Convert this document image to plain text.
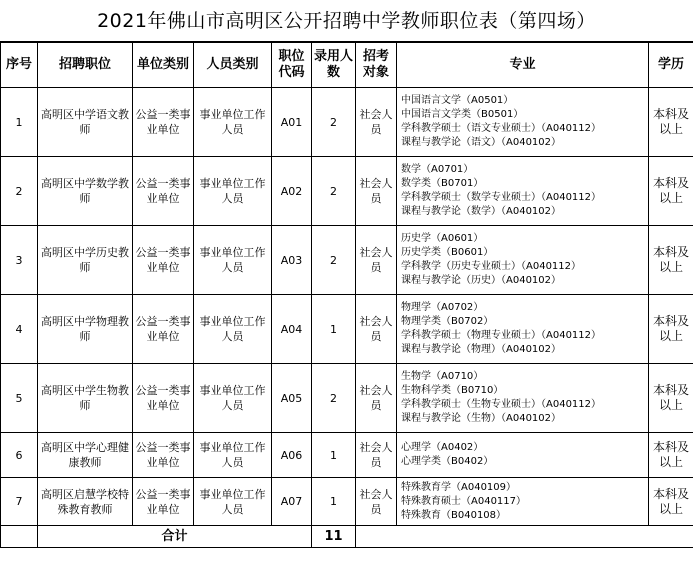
2021年佛山市高明区公开招聘中学教师职位表（第四场）
序号	招聘职位	单位类别	人员类别	职位代码	录用人数	招考对象	专业	学历
1	高明区中学语文教师	公益一类事业单位	事业单位工作人员	A01	2	社会人员	中国语言文学（A0501）
中国语言文学类（B0501）
学科教学硕士（语文专业硕士）（A040112）
课程与教学论（语文）（A040102）	本科及以上
2	高明区中学数学教师	公益一类事业单位	事业单位工作人员	A02	2	社会人员	数学（A0701）
数学类（B0701）
学科教学硕士（数学专业硕士）（A040112）
课程与教学论（数学）（A040102）	本科及以上
3	高明区中学历史教师	公益一类事业单位	事业单位工作人员	A03	2	社会人员	历史学（A0601）
历史学类（B0601）
学科教学（历史专业硕士）（A040112）
课程与教学论（历史）（A040102）	本科及以上
4	高明区中学物理教师	公益一类事业单位	事业单位工作人员	A04	1	社会人员	物理学（A0702）
物理学类（B0702）
学科教学硕士（物理专业硕士）（A040112）
课程与教学论（物理）（A040102）	本科及以上
5	高明区中学生物教师	公益一类事业单位	事业单位工作人员	A05	2	社会人员	生物学（A0710）
生物科学类（B0710）
学科教学硕士（生物专业硕士）（A040112）
课程与教学论（生物）（A040102）	本科及以上
6	高明区中学心理健康教师	公益一类事业单位	事业单位工作人员	A06	1	社会人员	心理学（A0402）
心理学类（B0402）	本科及以上
7	高明区启慧学校特殊教育教师	公益一类事业单位	事业单位工作人员	A07	1	社会人员	特殊教育学（A040109）
特殊教育硕士（A040117）
特殊教育（B040108）	本科及以上
	合计				11			
